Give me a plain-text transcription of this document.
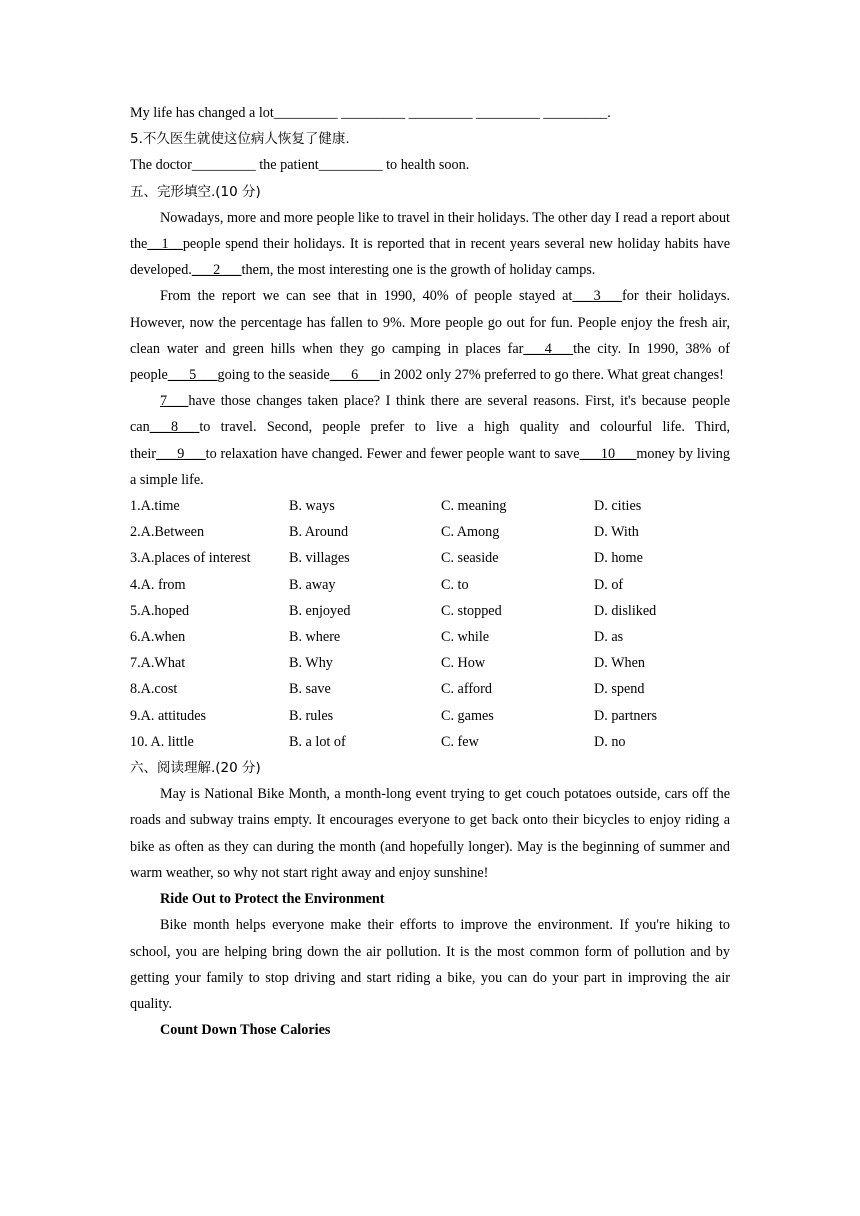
My life has changed a lot_________ _________ _________ _________ _________.
5.不久医生就使这位病人恢复了健康.
The doctor_________ the patient_________ to health soon.
五、完形填空.(10 分)

Nowadays, more and more people like to travel in their holidays. The other day I read a report about the__1__people spend their holidays. It is reported that in recent years several new holiday habits have developed.___2___them, the most interesting one is the growth of holiday camps.

From the report we can see that in 1990, 40% of people stayed at___3___for their holidays. However, now the percentage has fallen to 9%. More people go out for fun. People enjoy the fresh air, clean water and green hills when they go camping in places far___4___the city. In 1990, 38% of people___5___going to the seaside___6___in 2002 only 27% preferred to go there. What great changes!

7___have those changes taken place? I think there are several reasons. First, it's because people can___8___to travel. Second, people prefer to live a high quality and colourful life. Third, their___9___to relaxation have changed. Fewer and fewer people want to save___10___money by living a simple life.

1.A.time	B. ways	C. meaning	D. cities
2.A.Between	B. Around	C. Among	D. With
3.A.places of interest	B. villages	C. seaside	D. home
4.A. from	B. away	C. to	D. of
5.A.hoped	B. enjoyed	C. stopped	D. disliked
6.A.when	B. where	C. while	D. as
7.A.What	B. Why	C. How	D. When
8.A.cost	B. save	C. afford	D. spend
9.A. attitudes	B. rules	C. games	D. partners
10. A. little	B. a lot of	C. few	D. no
六、阅读理解.(20 分)

May is National Bike Month, a month-long event trying to get couch potatoes outside, cars off the roads and subway trains empty. It encourages everyone to get back onto their bicycles to enjoy riding a bike as often as they can during the month (and hopefully longer). May is the beginning of summer and warm weather, so why not start right away and enjoy sunshine!

Ride Out to Protect the Environment

Bike month helps everyone make their efforts to improve the environment. If you're hiking to school, you are helping bring down the air pollution. It is the most common form of pollution and by getting your family to stop driving and start riding a bike, you can do your part in improving the air quality.

Count Down Those Calories
